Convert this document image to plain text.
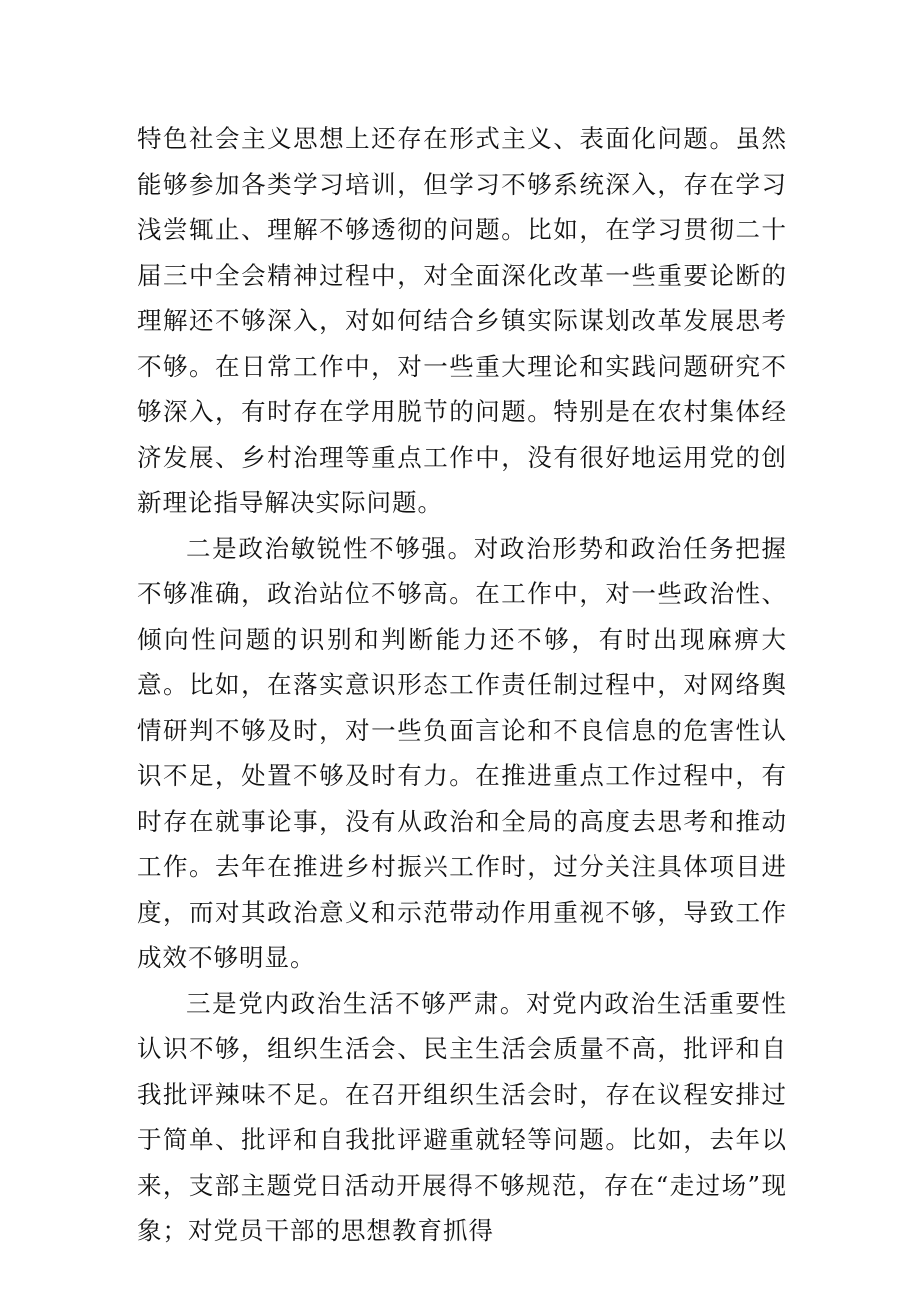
特色社会主义思想上还存在形式主义、表面化问题。虽然能够参加各类学习培训，但学习不够系统深入，存在学习浅尝辄止、理解不够透彻的问题。比如，在学习贯彻二十届三中全会精神过程中，对全面深化改革一些重要论断的理解还不够深入，对如何结合乡镇实际谋划改革发展思考不够。在日常工作中，对一些重大理论和实践问题研究不够深入，有时存在学用脱节的问题。特别是在农村集体经济发展、乡村治理等重点工作中，没有很好地运用党的创新理论指导解决实际问题。

二是政治敏锐性不够强。对政治形势和政治任务把握不够准确，政治站位不够高。在工作中，对一些政治性、倾向性问题的识别和判断能力还不够，有时出现麻痹大意。比如，在落实意识形态工作责任制过程中，对网络舆情研判不够及时，对一些负面言论和不良信息的危害性认识不足，处置不够及时有力。在推进重点工作过程中，有时存在就事论事，没有从政治和全局的高度去思考和推动工作。去年在推进乡村振兴工作时，过分关注具体项目进度，而对其政治意义和示范带动作用重视不够，导致工作成效不够明显。

三是党内政治生活不够严肃。对党内政治生活重要性认识不够，组织生活会、民主生活会质量不高，批评和自我批评辣味不足。在召开组织生活会时，存在议程安排过于简单、批评和自我批评避重就轻等问题。比如，去年以来，支部主题党日活动开展得不够规范，存在“走过场”现象；对党员干部的思想教育抓得
